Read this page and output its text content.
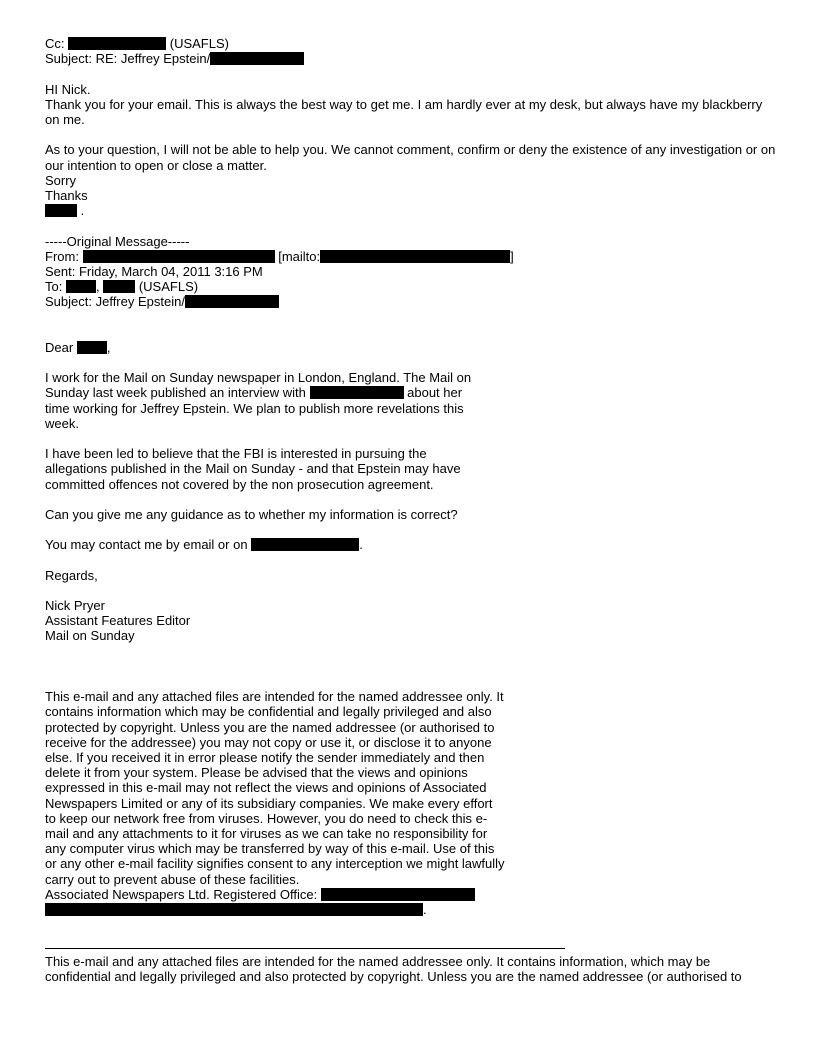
Cc:	(USAFLS)
Subject: RE: Jeffrey Epstein/
HI Nick.
Thank you for your email. This is always the best way to get me. I am hardly ever at my desk, but always have my blackberry on me.
As to your question, I will not be able to help you. We cannot comment, confirm or deny the existence of any investigation or on our intention to open or close a matter.
Sorry
Thanks
.
-----Original Message-----
From:	[mailto:	]
Sent: Friday, March 04, 2011 3:16 PM
To:	,	(USAFLS)
Subject: Jeffrey Epstein/
Dear	,
I work for the Mail on Sunday newspaper in London, England. The Mail on Sunday last week published an interview with	about her time working for Jeffrey Epstein. We plan to publish more revelations this week.
I have been led to believe that the FBI is interested in pursuing the allegations published in the Mail on Sunday - and that Epstein may have committed offences not covered by the non prosecution agreement.
Can you give me any guidance as to whether my information is correct?
You may contact me by email or on	.
Regards,
Nick Pryer
Assistant Features Editor
Mail on Sunday
This e-mail and any attached files are intended for the named addressee only. It contains information which may be confidential and legally privileged and also protected by copyright. Unless you are the named addressee (or authorised to receive for the addressee) you may not copy or use it, or disclose it to anyone else. If you received it in error please notify the sender immediately and then delete it from your system. Please be advised that the views and opinions expressed in this e-mail may not reflect the views and opinions of Associated Newspapers Limited or any of its subsidiary companies. We make every effort to keep our network free from viruses. However, you do need to check this e-mail and any attachments to it for viruses as we can take no responsibility for any computer virus which may be transferred by way of this e-mail. Use of this or any other e-mail facility signifies consent to any interception we might lawfully carry out to prevent abuse of these facilities.
Associated Newspapers Ltd. Registered Office:
.
This e-mail and any attached files are intended for the named addressee only. It contains information, which may be confidential and legally privileged and also protected by copyright. Unless you are the named addressee (or authorised to
